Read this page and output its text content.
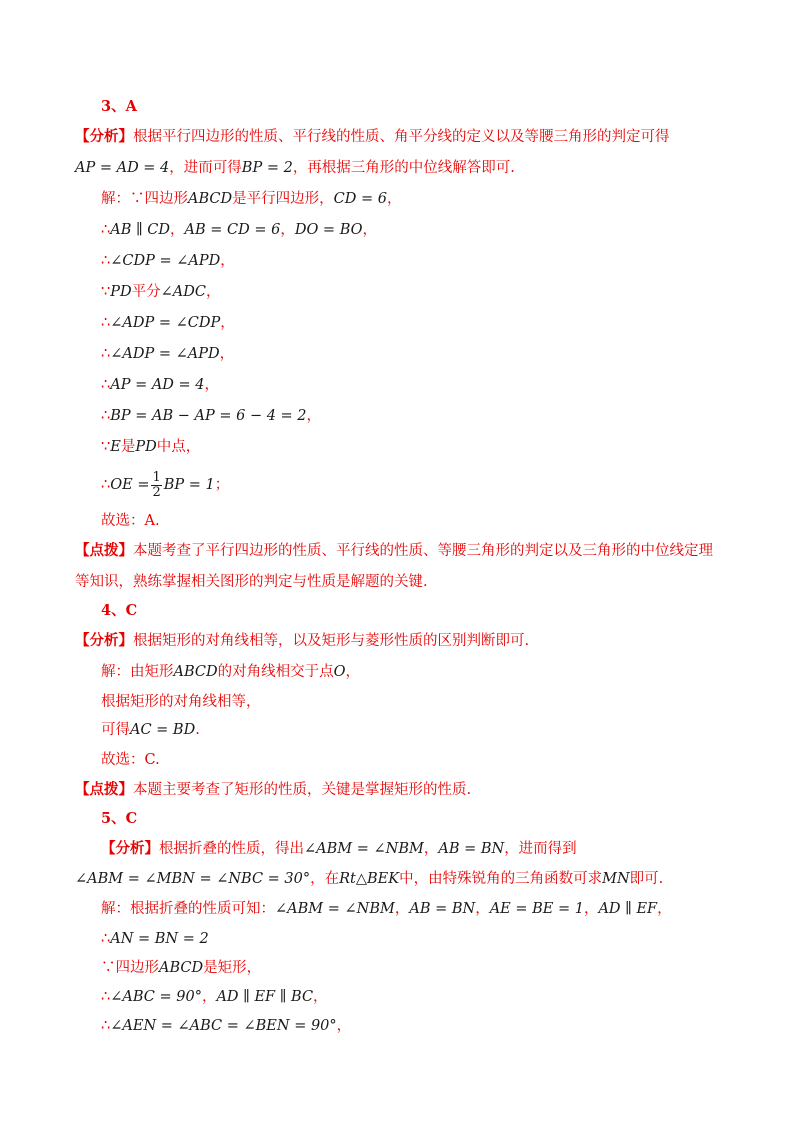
3、A
【分析】根据平行四边形的性质、平行线的性质、角平分线的定义以及等腰三角形的判定可得
AP = AD = 4，进而可得BP = 2，再根据三角形的中位线解答即可.
解：∵四边形ABCD是平行四边形，CD = 6，
∴AB ∥ CD，AB = CD = 6，DO = BO，
∴∠CDP = ∠APD，
∵PD平分∠ADC，
∴∠ADP = ∠CDP，
∴∠ADP = ∠APD，
∴AP = AD = 4，
∴BP = AB − AP = 6 − 4 = 2，
∵E是PD中点，
∴OE = $\frac{1}{2}$ BP = 1；
故选：A.
【点拨】本题考查了平行四边形的性质、平行线的性质、等腰三角形的判定以及三角形的中位线定理
等知识，熟练掌握相关图形的判定与性质是解题的关键.
4、C
【分析】根据矩形的对角线相等，以及矩形与菱形性质的区别判断即可.
解：由矩形ABCD的对角线相交于点O，
根据矩形的对角线相等，
可得AC = BD.
故选：C.
【点拨】本题主要考查了矩形的性质，关键是掌握矩形的性质.
5、C
【分析】根据折叠的性质，得出∠ABM = ∠NBM，AB = BN，进而得到
∠ABM = ∠MBN = ∠NBC = 30°，在Rt△BEK中，由特殊锐角的三角函数可求MN即可.
解：根据折叠的性质可知：∠ABM = ∠NBM，AB = BN，AE = BE = 1，AD ∥ EF，
∴AN = BN = 2
∵四边形ABCD是矩形，
∴∠ABC = 90°，AD ∥ EF ∥ BC，
∴∠AEN = ∠ABC = ∠BEN = 90°，
